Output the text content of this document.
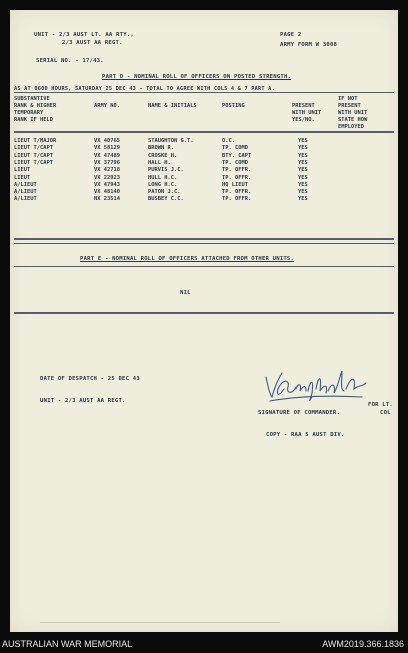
UNIT - 2/3 AUST LT. AA RTY.,
2/3 AUST AA REGT.
PAGE 2
ARMY FORM W 3008
SERIAL NO. - 17/43.
PART D - NOMINAL ROLL OF OFFICERS ON POSTED STRENGTH.
AS AT 0600 HOURS, SATURDAY 25 DEC 43 - TOTAL TO AGREE WITH COLS 4 & 7 PART A.
SUBSTANTIVE
RANK & HIGHER
TEMPORARY
RANK IF HELD
ARMY NO.	NAME & INITIALS	POSTING	PRESENT
WITH UNIT
YES/NO.
IF NOT
PRESENT
WITH UNIT
STATE HOW
EMPLOYED
LIEUT T/MAJOR	VX 40765	STAUGHTON G.T.	O.C.	YES
LIEUT T/CAPT	VX 58129	BROWN R.	TP. COMD	YES
LIEUT T/CAPT	VX 47489	CROSKE H.	BTY. CAPT	YES
LIEUT T/CAPT	VX 37796	HALL H.	TP. COMD	YES
LIEUT	VX 42718	PURVIS J.C.	TP. OFFR.	YES
LIEUT	VX 22923	HULL H.C.	TP. OFFR.	YES
A/LIEUT	VX 47943	LONG H.C.	HQ LIEUT	YES
A/LIEUT	VX 48140	PATON J.C.	TP. OFFR.	YES
A/LIEUT	NX 23514	BUSBEY C.C.	TP. OFFR.	YES
PART E - NOMINAL ROLL OF OFFICERS ATTACHED FROM OTHER UNITS.
NIL
DATE OF DESPATCH - 25 DEC 43
UNIT - 2/3 AUST AA REGT.
FOR LT.
SIGNATURE OF COMMANDER.	COL
COPY - RAA 5 AUST DIV.
AUSTRALIAN WAR MEMORIAL	AWM2019.366.1836
